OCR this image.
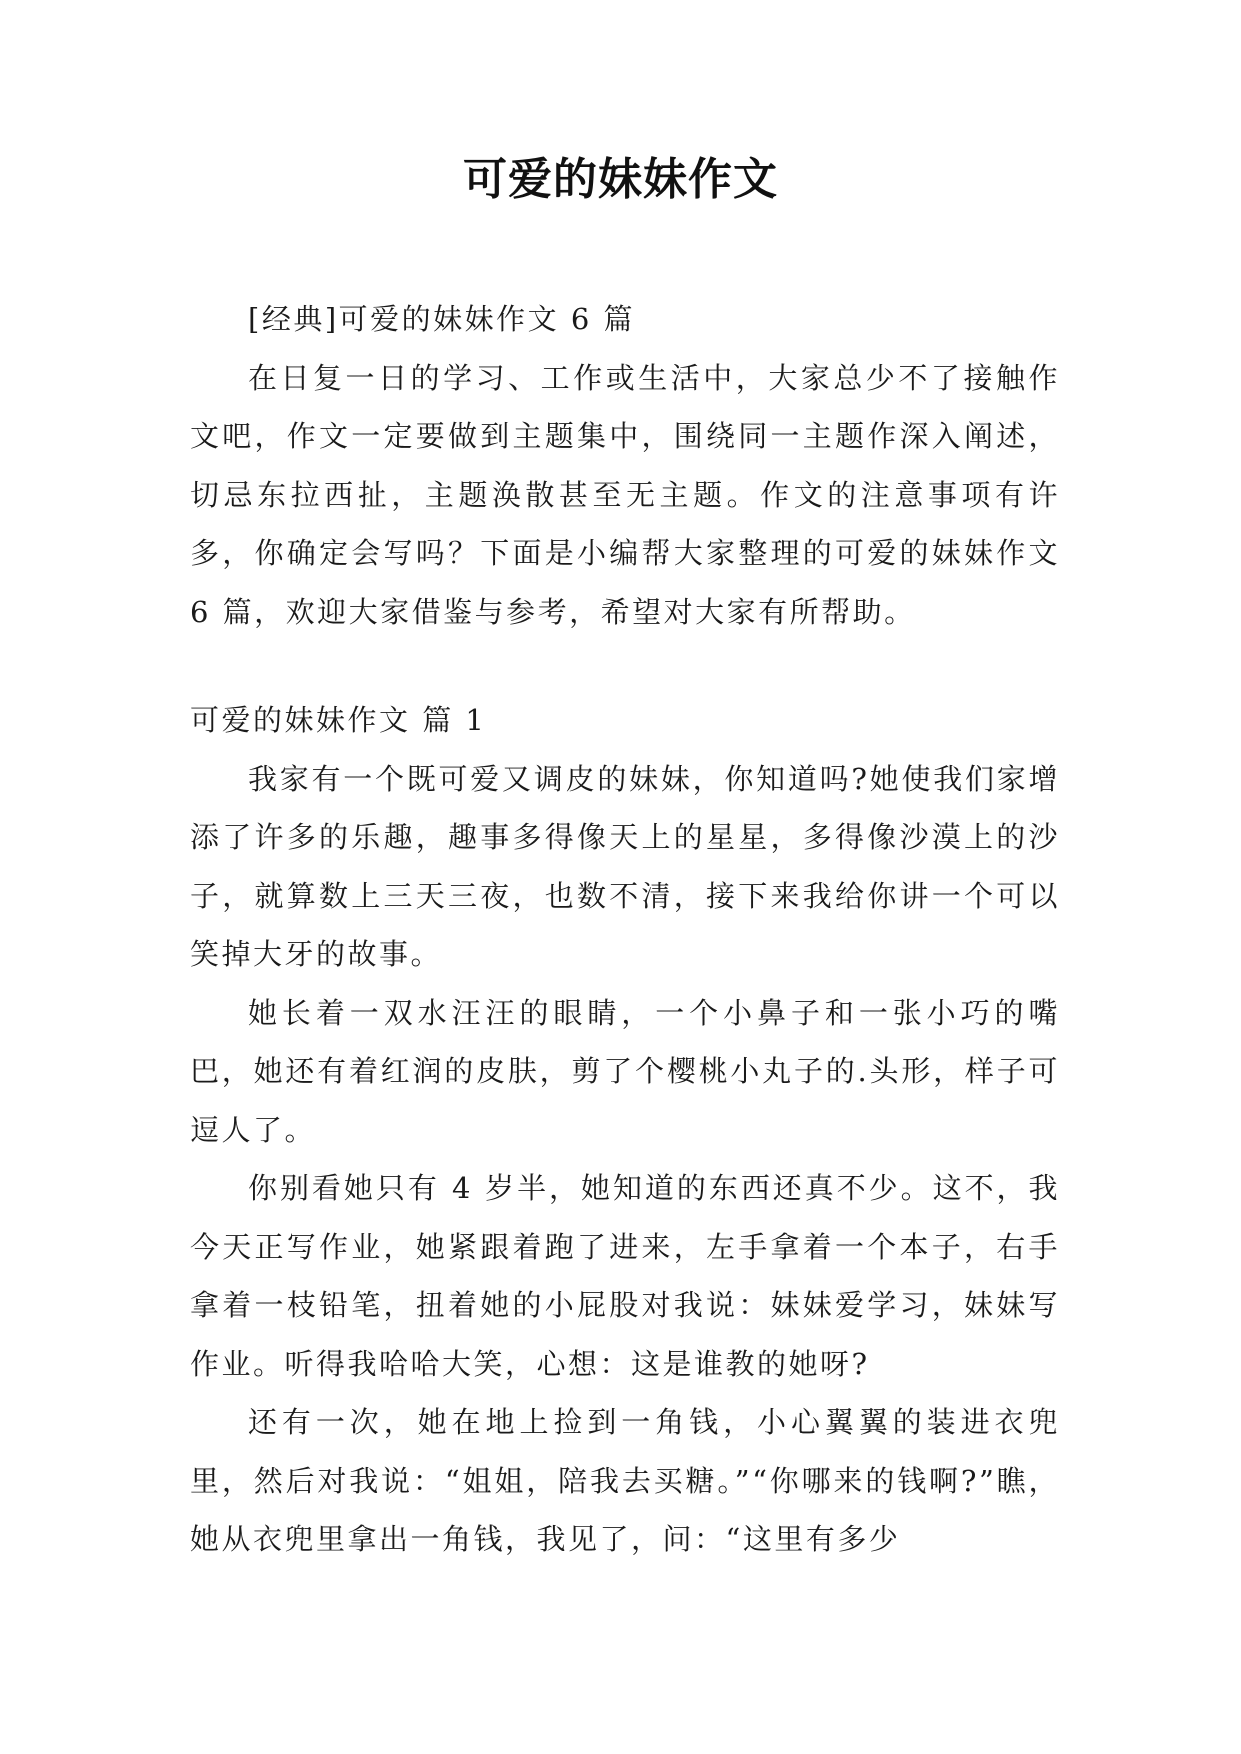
可爱的妹妹作文

[经典]可爱的妹妹作文 6 篇

在日复一日的学习、工作或生活中，大家总少不了接触作文吧，作文一定要做到主题集中，围绕同一主题作深入阐述，切忌东拉西扯，主题涣散甚至无主题。作文的注意事项有许多，你确定会写吗？下面是小编帮大家整理的可爱的妹妹作文 6 篇，欢迎大家借鉴与参考，希望对大家有所帮助。

可爱的妹妹作文 篇 1

我家有一个既可爱又调皮的妹妹，你知道吗?她使我们家增添了许多的乐趣，趣事多得像天上的星星，多得像沙漠上的沙子，就算数上三天三夜，也数不清，接下来我给你讲一个可以笑掉大牙的故事。

她长着一双水汪汪的眼睛，一个小鼻子和一张小巧的嘴巴，她还有着红润的皮肤，剪了个樱桃小丸子的.头形，样子可逗人了。

你别看她只有 4 岁半，她知道的东西还真不少。这不，我今天正写作业，她紧跟着跑了进来，左手拿着一个本子，右手拿着一枝铅笔，扭着她的小屁股对我说：妹妹爱学习，妹妹写作业。听得我哈哈大笑，心想：这是谁教的她呀?

还有一次，她在地上捡到一角钱，小心翼翼的装进衣兜里，然后对我说：“姐姐，陪我去买糖。”“你哪来的钱啊?”瞧，她从衣兜里拿出一角钱，我见了，问：“这里有多少
